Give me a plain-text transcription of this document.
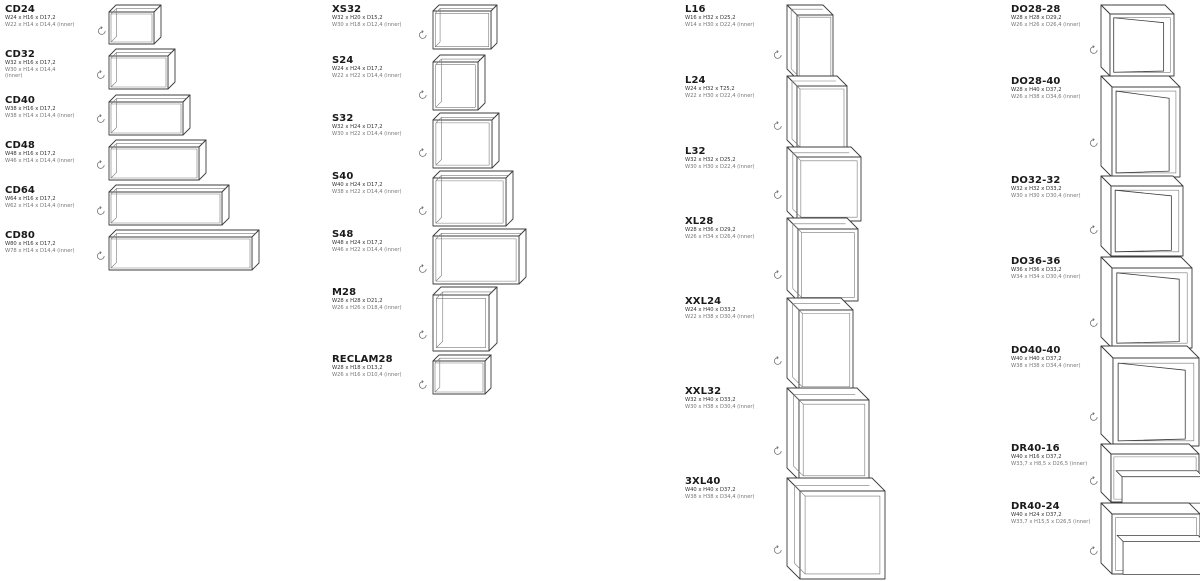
CD24
W24 x H16 x D17,2
W22 x H14 x D14,4 (inner)
CD32
W32 x H16 x D17,2
W30 x H14 x D14,4 (inner)
CD40
W38 x H16 x D17,2
W38 x H14 x D14,4 (inner)
CD48
W48 x H16 x D17,2
W46 x H14 x D14,4 (inner)
CD64
W64 x H16 x D17,2
W62 x H14 x D14,4 (inner)
CD80
W80 x H16 x D17,2
W78 x H14 x D14,4 (inner)
XS32
W32 x H20 x D15,2
W30 x H18 x D12,4 (inner)
S24
W24 x H24 x D17,2
W22 x H22 x D14,4 (inner)
S32
W32 x H24 x D17,2
W30 x H22 x D14,4 (inner)
S40
W40 x H24 x D17,2
W38 x H22 x D14,4 (inner)
S48
W48 x H24 x D17,2
W46 x H22 x D14,4 (inner)
M28
W28 x H28 x D21,2
W26 x H26 x D18,4 (inner)
RECLAM28
W28 x H18 x D13,2
W26 x H16 x D10,4 (inner)
L16
W16 x H32 x D25,2
W14 x H30 x D22,4 (inner)
L24
W24 x H32 x T25,2
W22 x H30 x D22,4 (inner)
L32
W32 x H32 x D25,2
W30 x H30 x D22,4 (inner)
XL28
W28 x H36 x D29,2
W26 x H34 x D26,4 (inner)
XXL24
W24 x H40 x D33,2
W22 x H38 x D30,4 (inner)
XXL32
W32 x H40 x D33,2
W30 x H38 x D30,4 (inner)
3XL40
W40 x H40 x D37,2
W38 x H38 x D34,4 (inner)
DO28-28
W28 x H28 x D29,2
W26 x H26 x D26,4 (inner)
DO28-40
W28 x H40 x D37,2
W26 x H38 x D34,6 (inner)
DO32-32
W32 x H32 x D33,2
W30 x H30 x D30,4 (inner)
DO36-36
W36 x H36 x D33,2
W34 x H34 x D30,4 (inner)
DO40-40
W40 x H40 x D37,2
W38 x H38 x D34,4 (inner)
DR40-16
W40 x H16 x D37,2
W33,7 x H8,5 x D26,5 (inner)
DR40-24
W40 x H24 x D37,2
W33,7 x H15,5 x D26,5 (inner)
